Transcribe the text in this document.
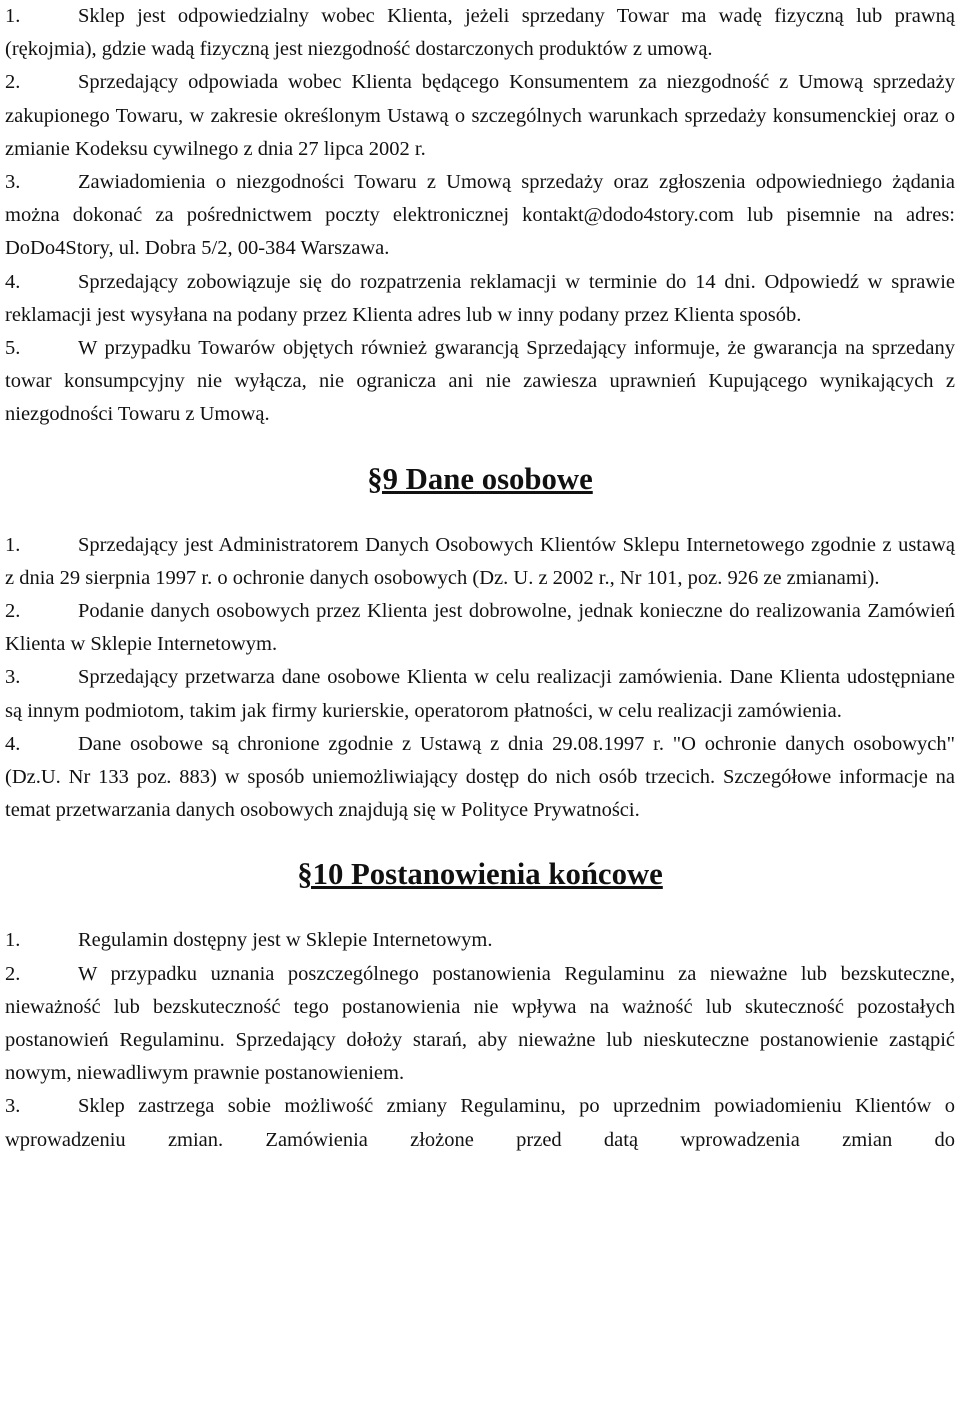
1.	Sklep jest odpowiedzialny wobec Klienta, jeżeli sprzedany Towar ma wadę fizyczną lub prawną (rękojmia), gdzie wadą fizyczną jest niezgodność dostarczonych produktów z umową.

2.	Sprzedający odpowiada wobec Klienta będącego Konsumentem za niezgodność z Umową sprzedaży zakupionego Towaru, w zakresie określonym Ustawą o szczególnych warunkach sprzedaży konsumenckiej oraz o zmianie Kodeksu cywilnego z dnia 27 lipca 2002 r.

3.	Zawiadomienia o niezgodności Towaru z Umową sprzedaży oraz zgłoszenia odpowiedniego żądania można dokonać za pośrednictwem poczty elektronicznej kontakt@dodo4story.com lub pisemnie na adres: DoDo4Story, ul. Dobra 5/2, 00-384 Warszawa.

4.	Sprzedający zobowiązuje się do rozpatrzenia reklamacji w terminie do 14 dni. Odpowiedź w sprawie reklamacji jest wysyłana na podany przez Klienta adres lub w inny podany przez Klienta sposób.

5.	W przypadku Towarów objętych również gwarancją Sprzedający informuje, że gwarancja na sprzedany towar konsumpcyjny nie wyłącza, nie ogranicza ani nie zawiesza uprawnień Kupującego wynikających z niezgodności Towaru z Umową.

§9 Dane osobowe

1.	Sprzedający jest Administratorem Danych Osobowych Klientów Sklepu Internetowego zgodnie z ustawą z dnia 29 sierpnia 1997 r. o ochronie danych osobowych (Dz. U. z 2002 r., Nr 101, poz. 926 ze zmianami).

2.	Podanie danych osobowych przez Klienta jest dobrowolne, jednak konieczne do realizowania Zamówień Klienta w Sklepie Internetowym.

3.	Sprzedający przetwarza dane osobowe Klienta w celu realizacji zamówienia. Dane Klienta udostępniane są innym podmiotom, takim jak firmy kurierskie, operatorom płatności, w celu realizacji zamówienia.

4.	Dane osobowe są chronione zgodnie z Ustawą z dnia 29.08.1997 r. "O ochronie danych osobowych" (Dz.U. Nr 133 poz. 883) w sposób uniemożliwiający dostęp do nich osób trzecich. Szczegółowe informacje na temat przetwarzania danych osobowych znajdują się w Polityce Prywatności.

§10 Postanowienia końcowe

1.	Regulamin dostępny jest w Sklepie Internetowym.

2.	W przypadku uznania poszczególnego postanowienia Regulaminu za nieważne lub bezskuteczne, nieważność lub bezskuteczność tego postanowienia nie wpływa na ważność lub skuteczność pozostałych postanowień Regulaminu. Sprzedający dołoży starań, aby nieważne lub nieskuteczne postanowienie zastąpić nowym, niewadliwym prawnie postanowieniem.

3.	Sklep zastrzega sobie możliwość zmiany Regulaminu, po uprzednim powiadomieniu Klientów o wprowadzeniu zmian. Zamówienia złożone przed datą wprowadzenia zmian do
